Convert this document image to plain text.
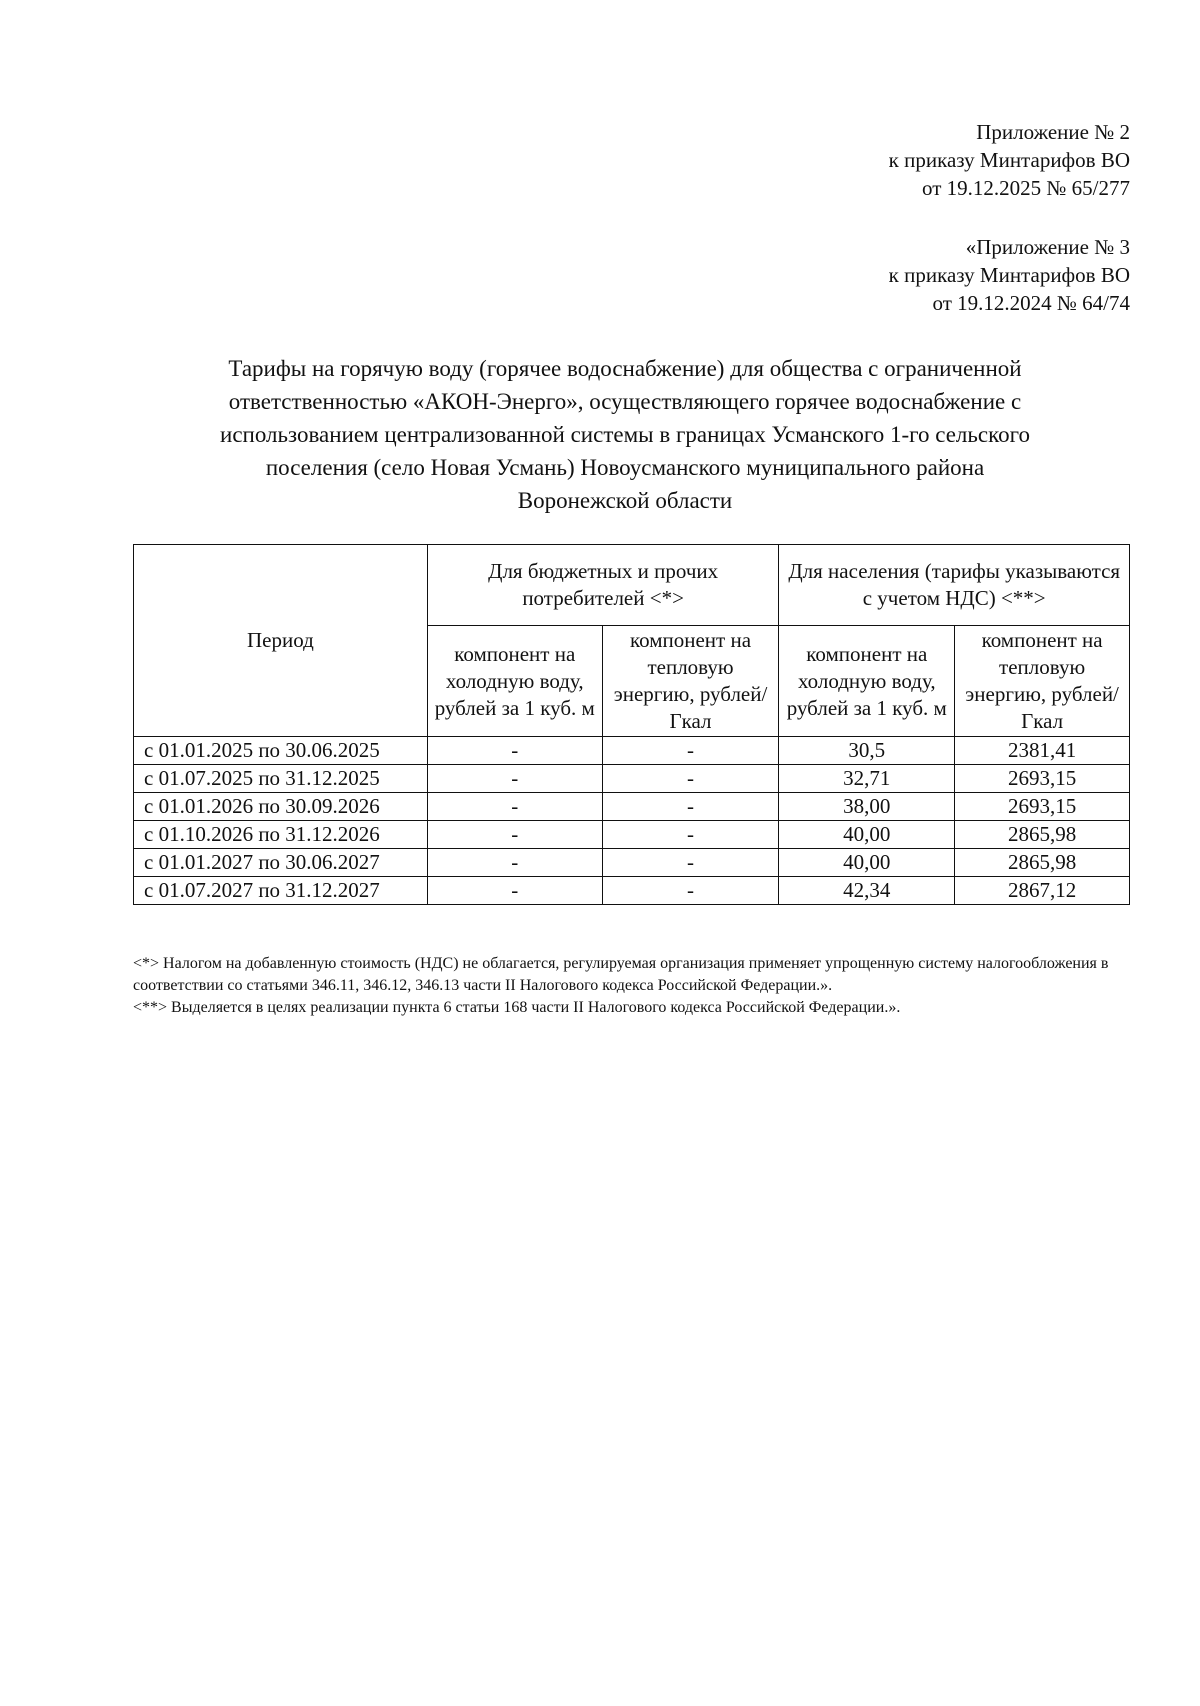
Приложение № 2
к приказу Минтарифов ВО
от 19.12.2025 № 65/277
«Приложение № 3
к приказу Минтарифов ВО
от 19.12.2024 № 64/74
Тарифы на горячую воду (горячее водоснабжение) для общества с ограниченной
ответственностью «АКОН-Энерго», осуществляющего горячее водоснабжение с
использованием централизованной системы в границах Усманского 1-го сельского
поселения (село Новая Усмань) Новоусманского муниципального района
Воронежской области
Период	Для бюджетных и прочих потребителей <*>		Для населения (тарифы указываются с учетом НДС) <**>	
	компонент на холодную воду, рублей за 1 куб. м	компонент на тепловую энергию, рублей/Гкал	компонент на холодную воду, рублей за 1 куб. м	компонент на тепловую энергию, рублей/Гкал
с 01.01.2025 по 30.06.2025	-	-	30,5	2381,41
с 01.07.2025 по 31.12.2025	-	-	32,71	2693,15
с 01.01.2026 по 30.09.2026	-	-	38,00	2693,15
с 01.10.2026 по 31.12.2026	-	-	40,00	2865,98
с 01.01.2027 по 30.06.2027	-	-	40,00	2865,98
с 01.07.2027 по 31.12.2027	-	-	42,34	2867,12

<*> Налогом на добавленную стоимость (НДС) не облагается, регулируемая организация применяет упрощенную систему налогообложения в соответствии со статьями 346.11, 346.12, 346.13 части II Налогового кодекса Российской Федерации.».

<**> Выделяется в целях реализации пункта 6 статьи 168 части II Налогового кодекса Российской Федерации.».
